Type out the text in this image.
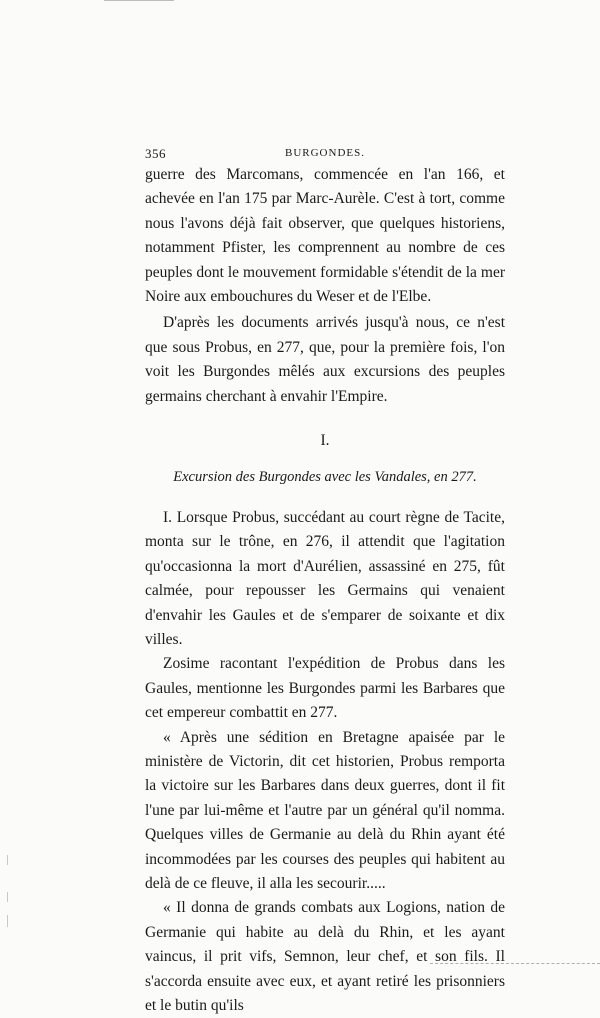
356	BURGONDES.

guerre des Marcomans, commencée en l'an 166, et achevée en l'an 175 par Marc-Aurèle. C'est à tort, comme nous l'avons déjà fait observer, que quelques historiens, notamment Pfister, les comprennent au nombre de ces peuples dont le mouvement formidable s'étendit de la mer Noire aux embouchures du Weser et de l'Elbe.

D'après les documents arrivés jusqu'à nous, ce n'est que sous Probus, en 277, que, pour la première fois, l'on voit les Burgondes mêlés aux excursions des peuples germains cherchant à envahir l'Empire.

I.

Excursion des Burgondes avec les Vandales, en 277.

I. Lorsque Probus, succédant au court règne de Tacite, monta sur le trône, en 276, il attendit que l'agitation qu'occasionna la mort d'Aurélien, assassiné en 275, fût calmée, pour repousser les Germains qui venaient d'envahir les Gaules et de s'emparer de soixante et dix villes.

Zosime racontant l'expédition de Probus dans les Gaules, mentionne les Burgondes parmi les Barbares que cet empereur combattit en 277.

« Après une sédition en Bretagne apaisée par le ministère de Victorin, dit cet historien, Probus remporta la victoire sur les Barbares dans deux guerres, dont il fit l'une par lui-même et l'autre par un général qu'il nomma. Quelques villes de Germanie au delà du Rhin ayant été incommodées par les courses des peuples qui habitent au delà de ce fleuve, il alla les secourir.....

« Il donna de grands combats aux Logions, nation de Germanie qui habite au delà du Rhin, et les ayant vaincus, il prit vifs, Semnon, leur chef, et son fils. Il s'accorda ensuite avec eux, et ayant retiré les prisonniers et le butin qu'ils
